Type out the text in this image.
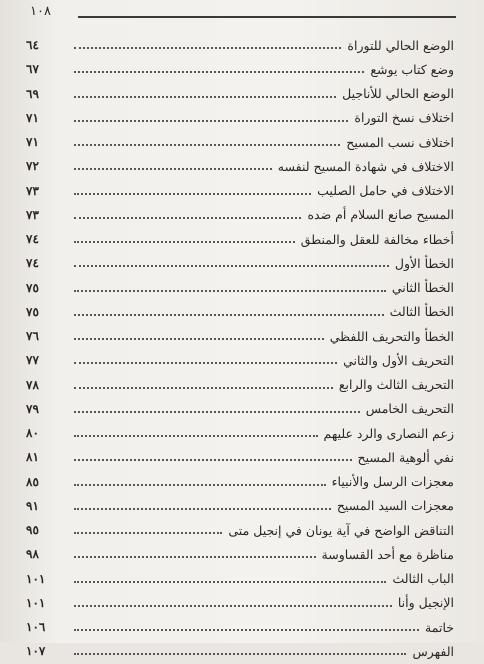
١٠٨
الوضع الحالي للتوراة
٦٤
وضع كتاب يوشع
٦٧
الوضع الحالي للأناجيل
٦٩
اختلاف نسخ التوراة
٧١
اختلاف نسب المسيح
٧١
الاختلاف في شهادة المسيح لنفسه
٧٢
الاختلاف في حامل الصليب
٧٣
المسيح صانع السلام أم ضده
٧٣
أخطاء مخالفة للعقل والمنطق
٧٤
الخطأ الأول
٧٤
الخطأ الثاني
٧٥
الخطأ الثالث
٧٥
الخطأ والتحريف اللفظي
٧٦
التحريف الأول والثاني
٧٧
التحريف الثالث والرابع
٧٨
التحريف الخامس
٧٩
زعم النصارى والرد عليهم
٨٠
نفي ألوهية المسيح
٨١
معجزات الرسل والأنبياء
٨٥
معجزات السيد المسيح
٩١
التناقض الواضح في آية يونان في إنجيل متى
٩٥
مناظرة مع أحد القساوسة
٩٨
الباب الثالث
١٠١
الإنجيل وأنا
١٠١
خاتمة
١٠٦
الفهرس
١٠٧
